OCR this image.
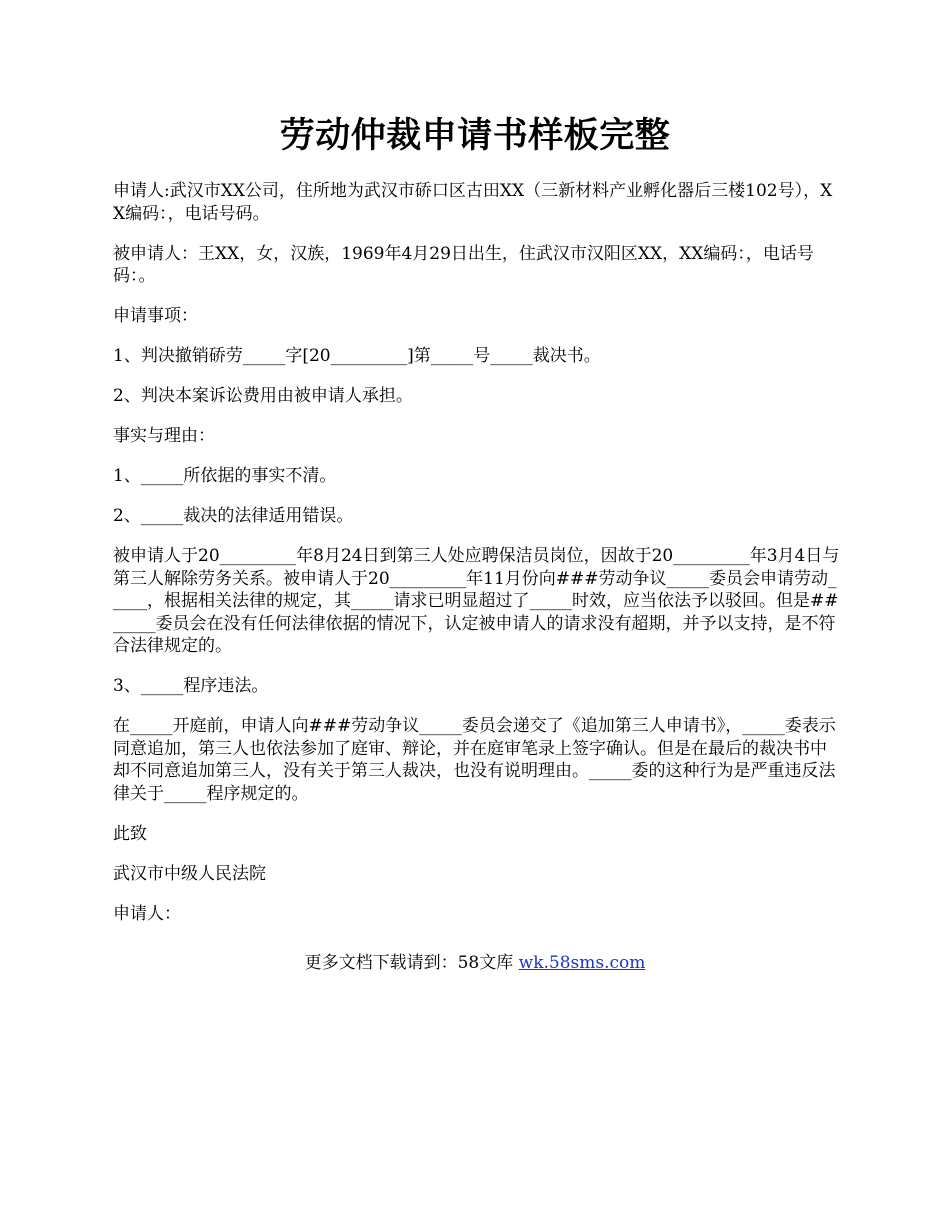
劳动仲裁申请书样板完整

申请人:武汉市XX公司，住所地为武汉市硚口区古田XX（三新材料产业孵化器后三楼102号），XX编码：，电话号码。

被申请人：王XX，女，汉族，1969年4月29日出生，住武汉市汉阳区XX，XX编码：，电话号码：。

申请事项：

1、判决撤销硚劳_____字[20_________]第_____号_____裁决书。

2、判决本案诉讼费用由被申请人承担。

事实与理由：

1、_____所依据的事实不清。

2、_____裁决的法律适用错误。

被申请人于20_________年8月24日到第三人处应聘保洁员岗位，因故于20_________年3月4日与第三人解除劳务关系。被申请人于20_________年11月份向###劳动争议_____委员会申请劳动_____，根据相关法律的规定，其_____请求已明显超过了_____时效，应当依法予以驳回。但是##_____委员会在没有任何法律依据的情况下，认定被申请人的请求没有超期，并予以支持，是不符合法律规定的。

3、_____程序违法。

在_____开庭前，申请人向###劳动争议_____委员会递交了《追加第三人申请书》，_____委表示同意追加，第三人也依法参加了庭审、辩论，并在庭审笔录上签字确认。但是在最后的裁决书中却不同意追加第三人，没有关于第三人裁决，也没有说明理由。_____委的这种行为是严重违反法律关于_____程序规定的。

此致

武汉市中级人民法院

申请人：

更多文档下载请到：58文库 wk.58sms.com
